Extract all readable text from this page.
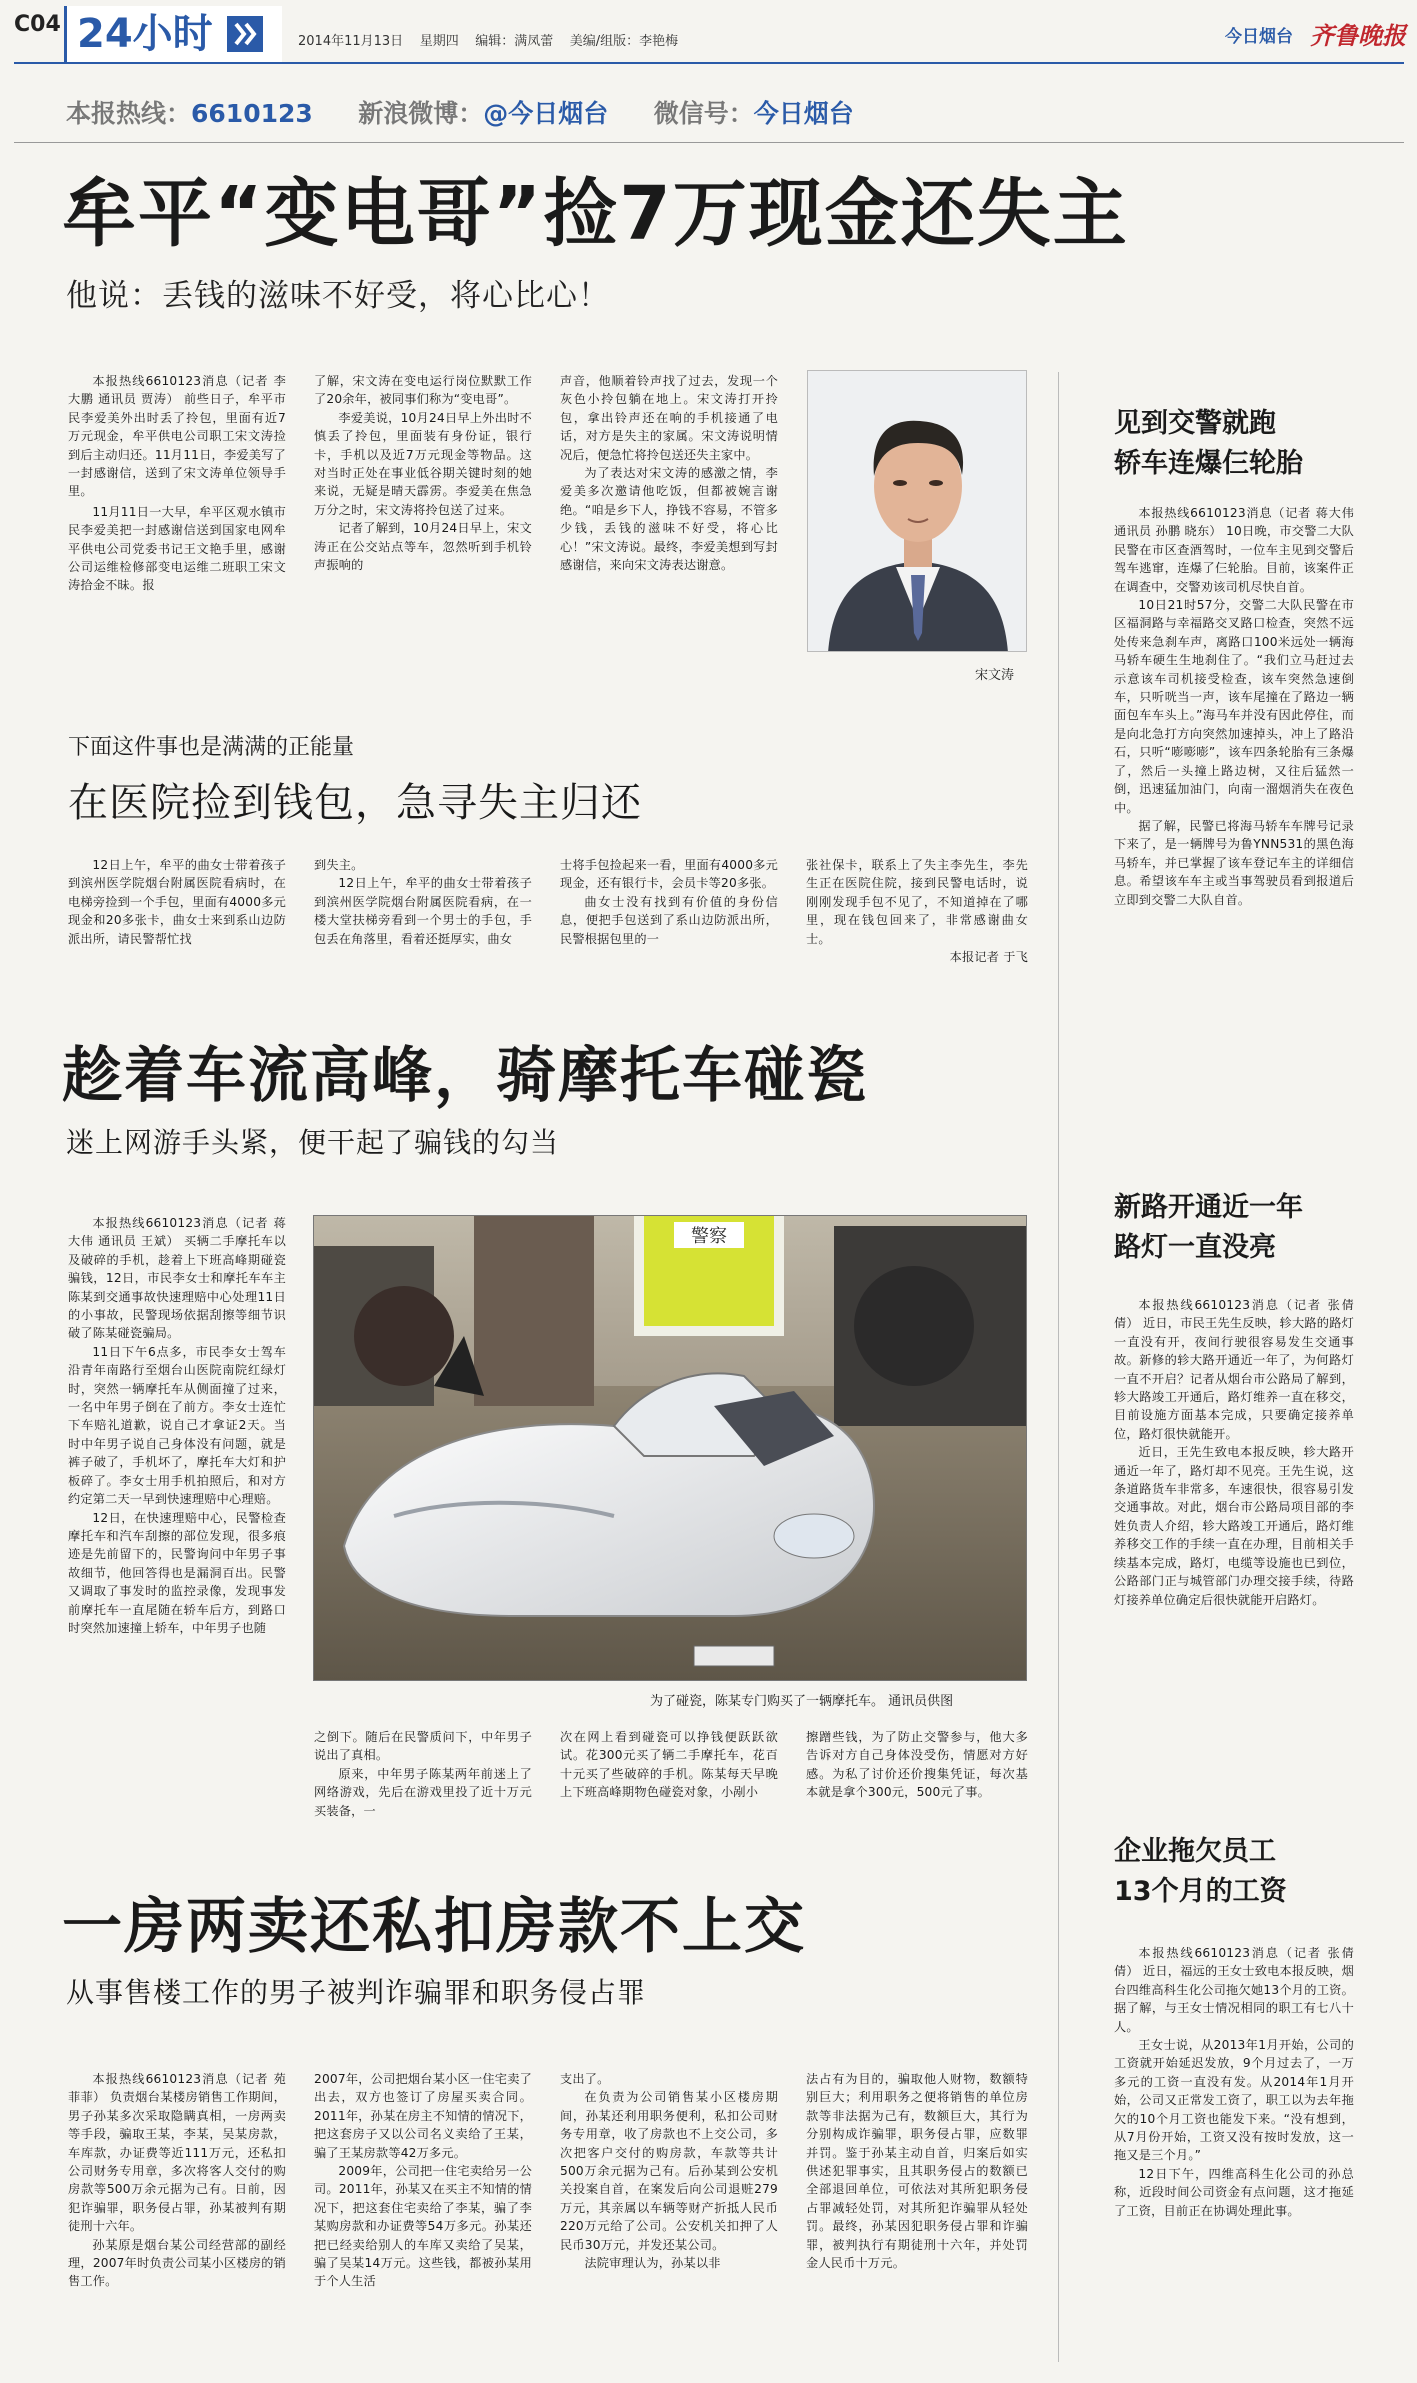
C04 24小时	2014年11月13日 星期四 编辑：满凤蕾 美编/组版：李艳梅	今日烟台 齐鲁晚报
本报热线：6610123 新浪微博：@今日烟台 微信号：今日烟台
牟平“变电哥”捡7万现金还失主
他说：丢钱的滋味不好受，将心比心！

本报热线6610123消息（记者 李大鹏 通讯员 贾涛） 前些日子，牟平市民李爱美外出时丢了拎包，里面有近7万元现金，牟平供电公司职工宋文涛捡到后主动归还。11月11日，李爱美写了一封感谢信，送到了宋文涛单位领导手里。

11月11日一大早，牟平区观水镇市民李爱美把一封感谢信送到国家电网牟平供电公司党委书记王文艳手里，感谢公司运维检修部变电运维二班职工宋文涛拾金不昧。报

了解，宋文涛在变电运行岗位默默工作了20余年，被同事们称为“变电哥”。

李爱美说，10月24日早上外出时不慎丢了拎包，里面装有身份证，银行卡，手机以及近7万元现金等物品。这对当时正处在事业低谷期关键时刻的她来说，无疑是晴天霹雳。李爱美在焦急万分之时，宋文涛将拎包送了过来。

记者了解到，10月24日早上，宋文涛正在公交站点等车，忽然听到手机铃声振响的

声音，他顺着铃声找了过去，发现一个灰色小拎包躺在地上。宋文涛打开拎包，拿出铃声还在响的手机接通了电话，对方是失主的家属。宋文涛说明情况后，便急忙将拎包送还失主家中。

为了表达对宋文涛的感激之情，李爱美多次邀请他吃饭，但都被婉言谢绝。“咱是乡下人，挣钱不容易，不管多少钱，丢钱的滋味不好受，将心比心！”宋文涛说。最终，李爱美想到写封感谢信，来向宋文涛表达谢意。

宋文涛
下面这件事也是满满的正能量
在医院捡到钱包，急寻失主归还

12日上午，牟平的曲女士带着孩子到滨州医学院烟台附属医院看病时，在电梯旁捡到一个手包，里面有4000多元现金和20多张卡，曲女士来到系山边防派出所，请民警帮忙找

到失主。

12日上午，牟平的曲女士带着孩子到滨州医学院烟台附属医院看病，在一楼大堂扶梯旁看到一个男士的手包，手包丢在角落里，看着还挺厚实，曲女

士将手包捡起来一看，里面有4000多元现金，还有银行卡，会员卡等20多张。

曲女士没有找到有价值的身份信息，便把手包送到了系山边防派出所，民警根据包里的一

张社保卡，联系上了失主李先生，李先生正在医院住院，接到民警电话时，说刚刚发现手包不见了，不知道掉在了哪里，现在钱包回来了，非常感谢曲女士。

本报记者 于飞

趁着车流高峰，骑摩托车碰瓷
迷上网游手头紧，便干起了骗钱的勾当

本报热线6610123消息（记者 蒋大伟 通讯员 王斌） 买辆二手摩托车以及破碎的手机，趁着上下班高峰期碰瓷骗钱，12日，市民李女士和摩托车车主陈某到交通事故快速理赔中心处理11日的小事故，民警现场依据刮擦等细节识破了陈某碰瓷骗局。

11日下午6点多，市民李女士驾车沿青年南路行至烟台山医院南院红绿灯时，突然一辆摩托车从侧面撞了过来，一名中年男子倒在了前方。李女士连忙下车赔礼道歉，说自己才拿证2天。当时中年男子说自己身体没有问题，就是裤子破了，手机坏了，摩托车大灯和护板碎了。李女士用手机拍照后，和对方约定第二天一早到快速理赔中心理赔。

12日，在快速理赔中心，民警检查摩托车和汽车刮擦的部位发现，很多痕迹是先前留下的，民警询问中年男子事故细节，他回答得也是漏洞百出。民警又调取了事发时的监控录像，发现事发前摩托车一直尾随在轿车后方，到路口时突然加速撞上轿车，中年男子也随

警察
为了碰瓷，陈某专门购买了一辆摩托车。 通讯员供图

之倒下。随后在民警质问下，中年男子说出了真相。

原来，中年男子陈某两年前迷上了网络游戏，先后在游戏里投了近十万元买装备，一

次在网上看到碰瓷可以挣钱便跃跃欲试。花300元买了辆二手摩托车，花百十元买了些破碎的手机。陈某每天早晚上下班高峰期物色碰瓷对象，小剐小

擦蹭些钱，为了防止交警参与，他大多告诉对方自己身体没受伤，情愿对方好感。为私了讨价还价搜集凭证，每次基本就是拿个300元，500元了事。

一房两卖还私扣房款不上交
从事售楼工作的男子被判诈骗罪和职务侵占罪

本报热线6610123消息（记者 苑菲菲） 负责烟台某楼房销售工作期间，男子孙某多次采取隐瞒真相，一房两卖等手段，骗取王某，李某，吴某房款，车库款，办证费等近111万元，还私扣公司财务专用章，多次将客人交付的购房款等500万余元据为己有。日前，因犯诈骗罪，职务侵占罪，孙某被判有期徒刑十六年。

孙某原是烟台某公司经营部的副经理，2007年时负责公司某小区楼房的销售工作。

2007年，公司把烟台某小区一住宅卖了出去，双方也签订了房屋买卖合同。2011年，孙某在房主不知情的情况下，把这套房子又以公司名义卖给了王某，骗了王某房款等42万多元。

2009年，公司把一住宅卖给另一公司。2011年，孙某又在买主不知情的情况下，把这套住宅卖给了李某，骗了李某购房款和办证费等54万多元。孙某还把已经卖给别人的车库又卖给了吴某，骗了吴某14万元。这些钱，都被孙某用于个人生活

支出了。

在负责为公司销售某小区楼房期间，孙某还利用职务便利，私扣公司财务专用章，收了房款也不上交公司，多次把客户交付的购房款，车款等共计500万余元据为己有。后孙某到公安机关投案自首，在案发后向公司退赃279万元，其亲属以车辆等财产折抵人民币220万元给了公司。公安机关扣押了人民币30万元，并发还某公司。

法院审理认为，孙某以非

法占有为目的，骗取他人财物，数额特别巨大；利用职务之便将销售的单位房款等非法据为己有，数额巨大，其行为分别构成诈骗罪，职务侵占罪，应数罪并罚。鉴于孙某主动自首，归案后如实供述犯罪事实，且其职务侵占的数额已全部退回单位，可依法对其所犯职务侵占罪减轻处罚，对其所犯诈骗罪从轻处罚。最终，孙某因犯职务侵占罪和诈骗罪，被判执行有期徒刑十六年，并处罚金人民币十万元。

见到交警就跑
轿车连爆仨轮胎

本报热线6610123消息（记者 蒋大伟 通讯员 孙鹏 晓东） 10日晚，市交警二大队民警在市区查酒驾时，一位车主见到交警后驾车逃窜，连爆了仨轮胎。目前，该案件正在调查中，交警劝该司机尽快自首。

10日21时57分，交警二大队民警在市区福洞路与幸福路交叉路口检查，突然不远处传来急刹车声，离路口100米远处一辆海马轿车硬生生地刹住了。“我们立马赶过去示意该车司机接受检查，该车突然急速倒车，只听咣当一声，该车尾撞在了路边一辆面包车车头上。”海马车并没有因此停住，而是向北急打方向突然加速掉头，冲上了路沿石，只听“嘭嘭嘭”，该车四条轮胎有三条爆了，然后一头撞上路边树，又往后猛然一倒，迅速猛加油门，向南一溜烟消失在夜色中。

据了解，民警已将海马轿车车牌号记录下来了，是一辆牌号为鲁YNN531的黑色海马轿车，并已掌握了该车登记车主的详细信息。希望该车车主或当事驾驶员看到报道后立即到交警二大队自首。

新路开通近一年
路灯一直没亮

本报热线6610123消息（记者 张倩倩） 近日，市民王先生反映，轸大路的路灯一直没有开，夜间行驶很容易发生交通事故。新修的轸大路开通近一年了，为何路灯一直不开启？记者从烟台市公路局了解到，轸大路竣工开通后，路灯维养一直在移交，目前设施方面基本完成，只要确定接养单位，路灯很快就能开。

近日，王先生致电本报反映，轸大路开通近一年了，路灯却不见亮。王先生说，这条道路货车非常多，车速很快，很容易引发交通事故。对此，烟台市公路局项目部的李姓负责人介绍，轸大路竣工开通后，路灯维养移交工作的手续一直在办理，目前相关手续基本完成，路灯，电缆等设施也已到位，公路部门正与城管部门办理交接手续，待路灯接养单位确定后很快就能开启路灯。

企业拖欠员工
13个月的工资

本报热线6610123消息（记者 张倩倩） 近日，福远的王女士致电本报反映，烟台四维高科生化公司拖欠她13个月的工资。据了解，与王女士情况相同的职工有七八十人。

王女士说，从2013年1月开始，公司的工资就开始延迟发放，9个月过去了，一万多元的工资一直没有发。从2014年1月开始，公司又正常发工资了，职工以为去年拖欠的10个月工资也能发下来。“没有想到，从7月份开始，工资又没有按时发放，这一拖又是三个月。”

12日下午，四维高科生化公司的孙总称，近段时间公司资金有点问题，这才拖延了工资，目前正在协调处理此事。
